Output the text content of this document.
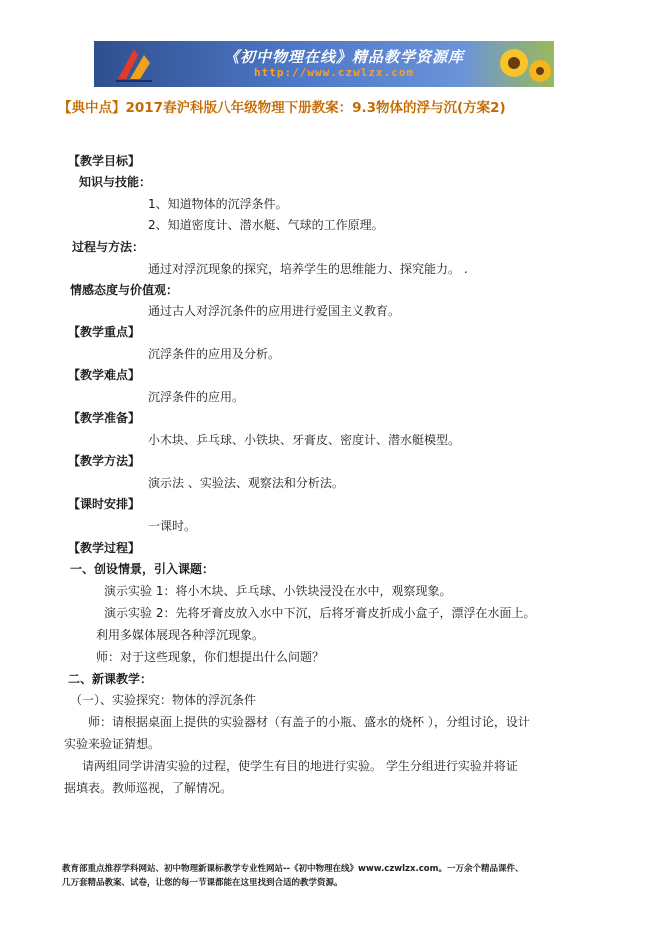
《初中物理在线》精品教学资源库
http://www.czwlzx.com
【典中点】2017春沪科版八年级物理下册教案：9.3物体的浮与沉(方案2)
【教学目标】
知识与技能：
1、知道物体的沉浮条件。
2、知道密度计、潜水艇、气球的工作原理。
过程与方法：
通过对浮沉现象的探究，培养学生的思维能力、探究能力。 .
情感态度与价值观：
通过古人对浮沉条件的应用进行爱国主义教育。
【教学重点】
沉浮条件的应用及分析。
【教学难点】
沉浮条件的应用。
【教学准备】
小木块、乒乓球、小铁块、牙膏皮、密度计、潜水艇模型。
【教学方法】
演示法 、实验法、观察法和分析法。
【课时安排】
一课时。
【教学过程】
一、创设情景，引入课题：
演示实验 1：将小木块、乒乓球、小铁块浸没在水中，观察现象。
演示实验 2：先将牙膏皮放入水中下沉，后将牙膏皮折成小盒子，漂浮在水面上。
利用多媒体展现各种浮沉现象。
师：对于这些现象，你们想提出什么问题？
二、新课教学：
（一）、实验探究：物体的浮沉条件
师：请根据桌面上提供的实验器材（有盖子的小瓶、盛水的烧杯 ），分组讨论，设计
实验来验证猜想。
请两组同学讲清实验的过程，使学生有目的地进行实验。 学生分组进行实验并将证
据填表。教师巡视，了解情况。
教育部重点推荐学科网站、初中物理新课标教学专业性网站--《初中物理在线》www.czwlzx.com。一万余个精品课件、
几万套精品教案、试卷，让您的每一节课都能在这里找到合适的教学资源。
